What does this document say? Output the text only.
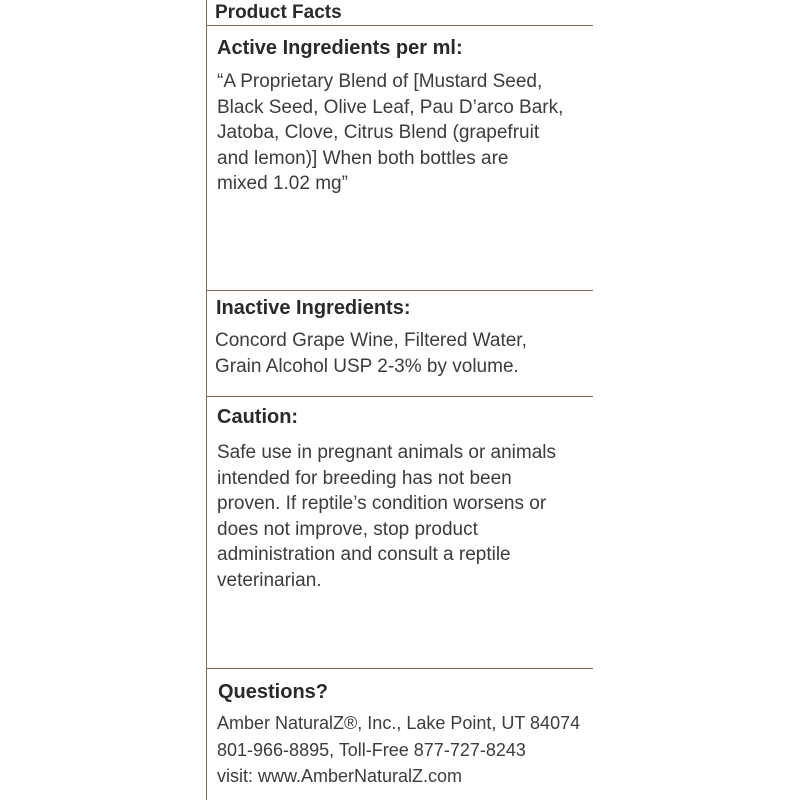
Product Facts
Active Ingredients per ml:
“A Proprietary Blend of [Mustard Seed,
Black Seed, Olive Leaf, Pau D’arco Bark,
Jatoba, Clove, Citrus Blend (grapefruit
and lemon)] When both bottles are
mixed 1.02 mg”
Inactive Ingredients:
Concord Grape Wine, Filtered Water,
Grain Alcohol USP 2-3% by volume.
Caution:
Safe use in pregnant animals or animals
intended for breeding has not been
proven. If reptile’s condition worsens or
does not improve, stop product
administration and consult a reptile
veterinarian.
Questions?
Amber NaturalZ®, Inc., Lake Point, UT 84074
801-966-8895, Toll-Free 877-727-8243
visit: www.AmberNaturalZ.com
